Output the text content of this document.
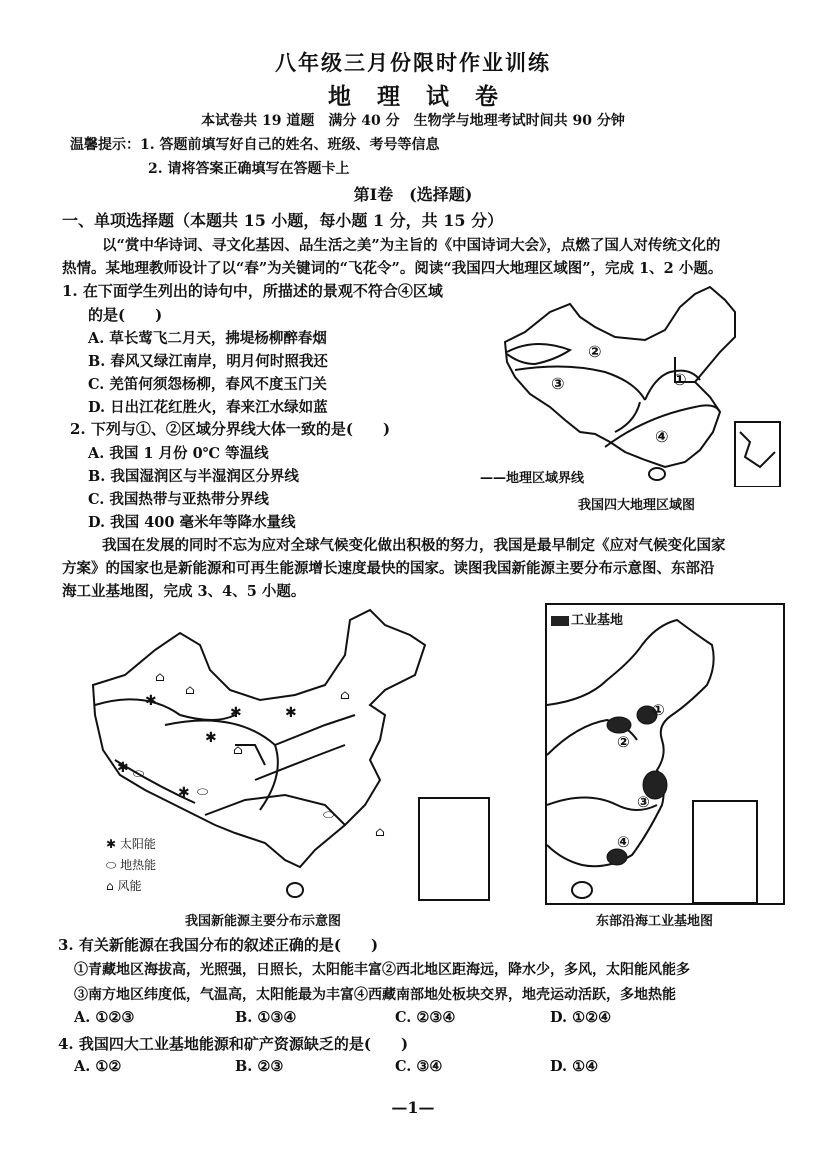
八年级三月份限时作业训练
地理试卷
本试卷共 19 道题　满分 40 分　生物学与地理考试时间共 90 分钟
温馨提示：1. 答题前填写好自己的姓名、班级、考号等信息
2. 请将答案正确填写在答题卡上
第Ⅰ卷　(选择题)
一、单项选择题（本题共 15 小题，每小题 1 分，共 15 分）
以“赏中华诗词、寻文化基因、品生活之美”为主旨的《中国诗词大会》，点燃了国人对传统文化的
热情。某地理教师设计了以“春”为关键词的“飞花令”。阅读“我国四大地理区域图”，完成 1、2 小题。
1. 在下面学生列出的诗句中，所描述的景观不符合④区域
的是(　　)
A. 草长莺飞二月天，拂堤杨柳醉春烟
B. 春风又绿江南岸，明月何时照我还
C. 羌笛何须怨杨柳，春风不度玉门关
D. 日出江花红胜火，春来江水绿如蓝
2. 下列与①、②区域分界线大体一致的是(　　)
A. 我国 1 月份 0℃ 等温线
B. 我国湿润区与半湿润区分界线
C. 我国热带与亚热带分界线
D. 我国 400 毫米年等降水量线
②
③	①
④
——地理区域界线
我国四大地理区域图
我国在发展的同时不忘为应对全球气候变化做出积极的努力，我国是最早制定《应对气候变化国家
方案》的国家也是新能源和可再生能源增长速度最快的国家。读图我国新能源主要分布示意图、东部沿
海工业基地图，完成 3、4、5 小题。
✱
✱	✱
✱
✱
✱
⌂
⌂
⌂	⌂
⌂
⬭
⬭
⬭
✱ 太阳能
⬭ 地热能
⌂ 风能
我国新能源主要分布示意图
工业基地
①
②
③
④
东部沿海工业基地图
3. 有关新能源在我国分布的叙述正确的是(　　)
①青藏地区海拔高，光照强，日照长，太阳能丰富②西北地区距海远，降水少，多风，太阳能风能多
③南方地区纬度低，气温高，太阳能最为丰富④西藏南部地处板块交界，地壳运动活跃，多地热能
A. ①②③	B. ①③④	C. ②③④	D. ①②④
4. 我国四大工业基地能源和矿产资源缺乏的是(　　)
A. ①②	B. ②③	C. ③④	D. ①④
—1—
